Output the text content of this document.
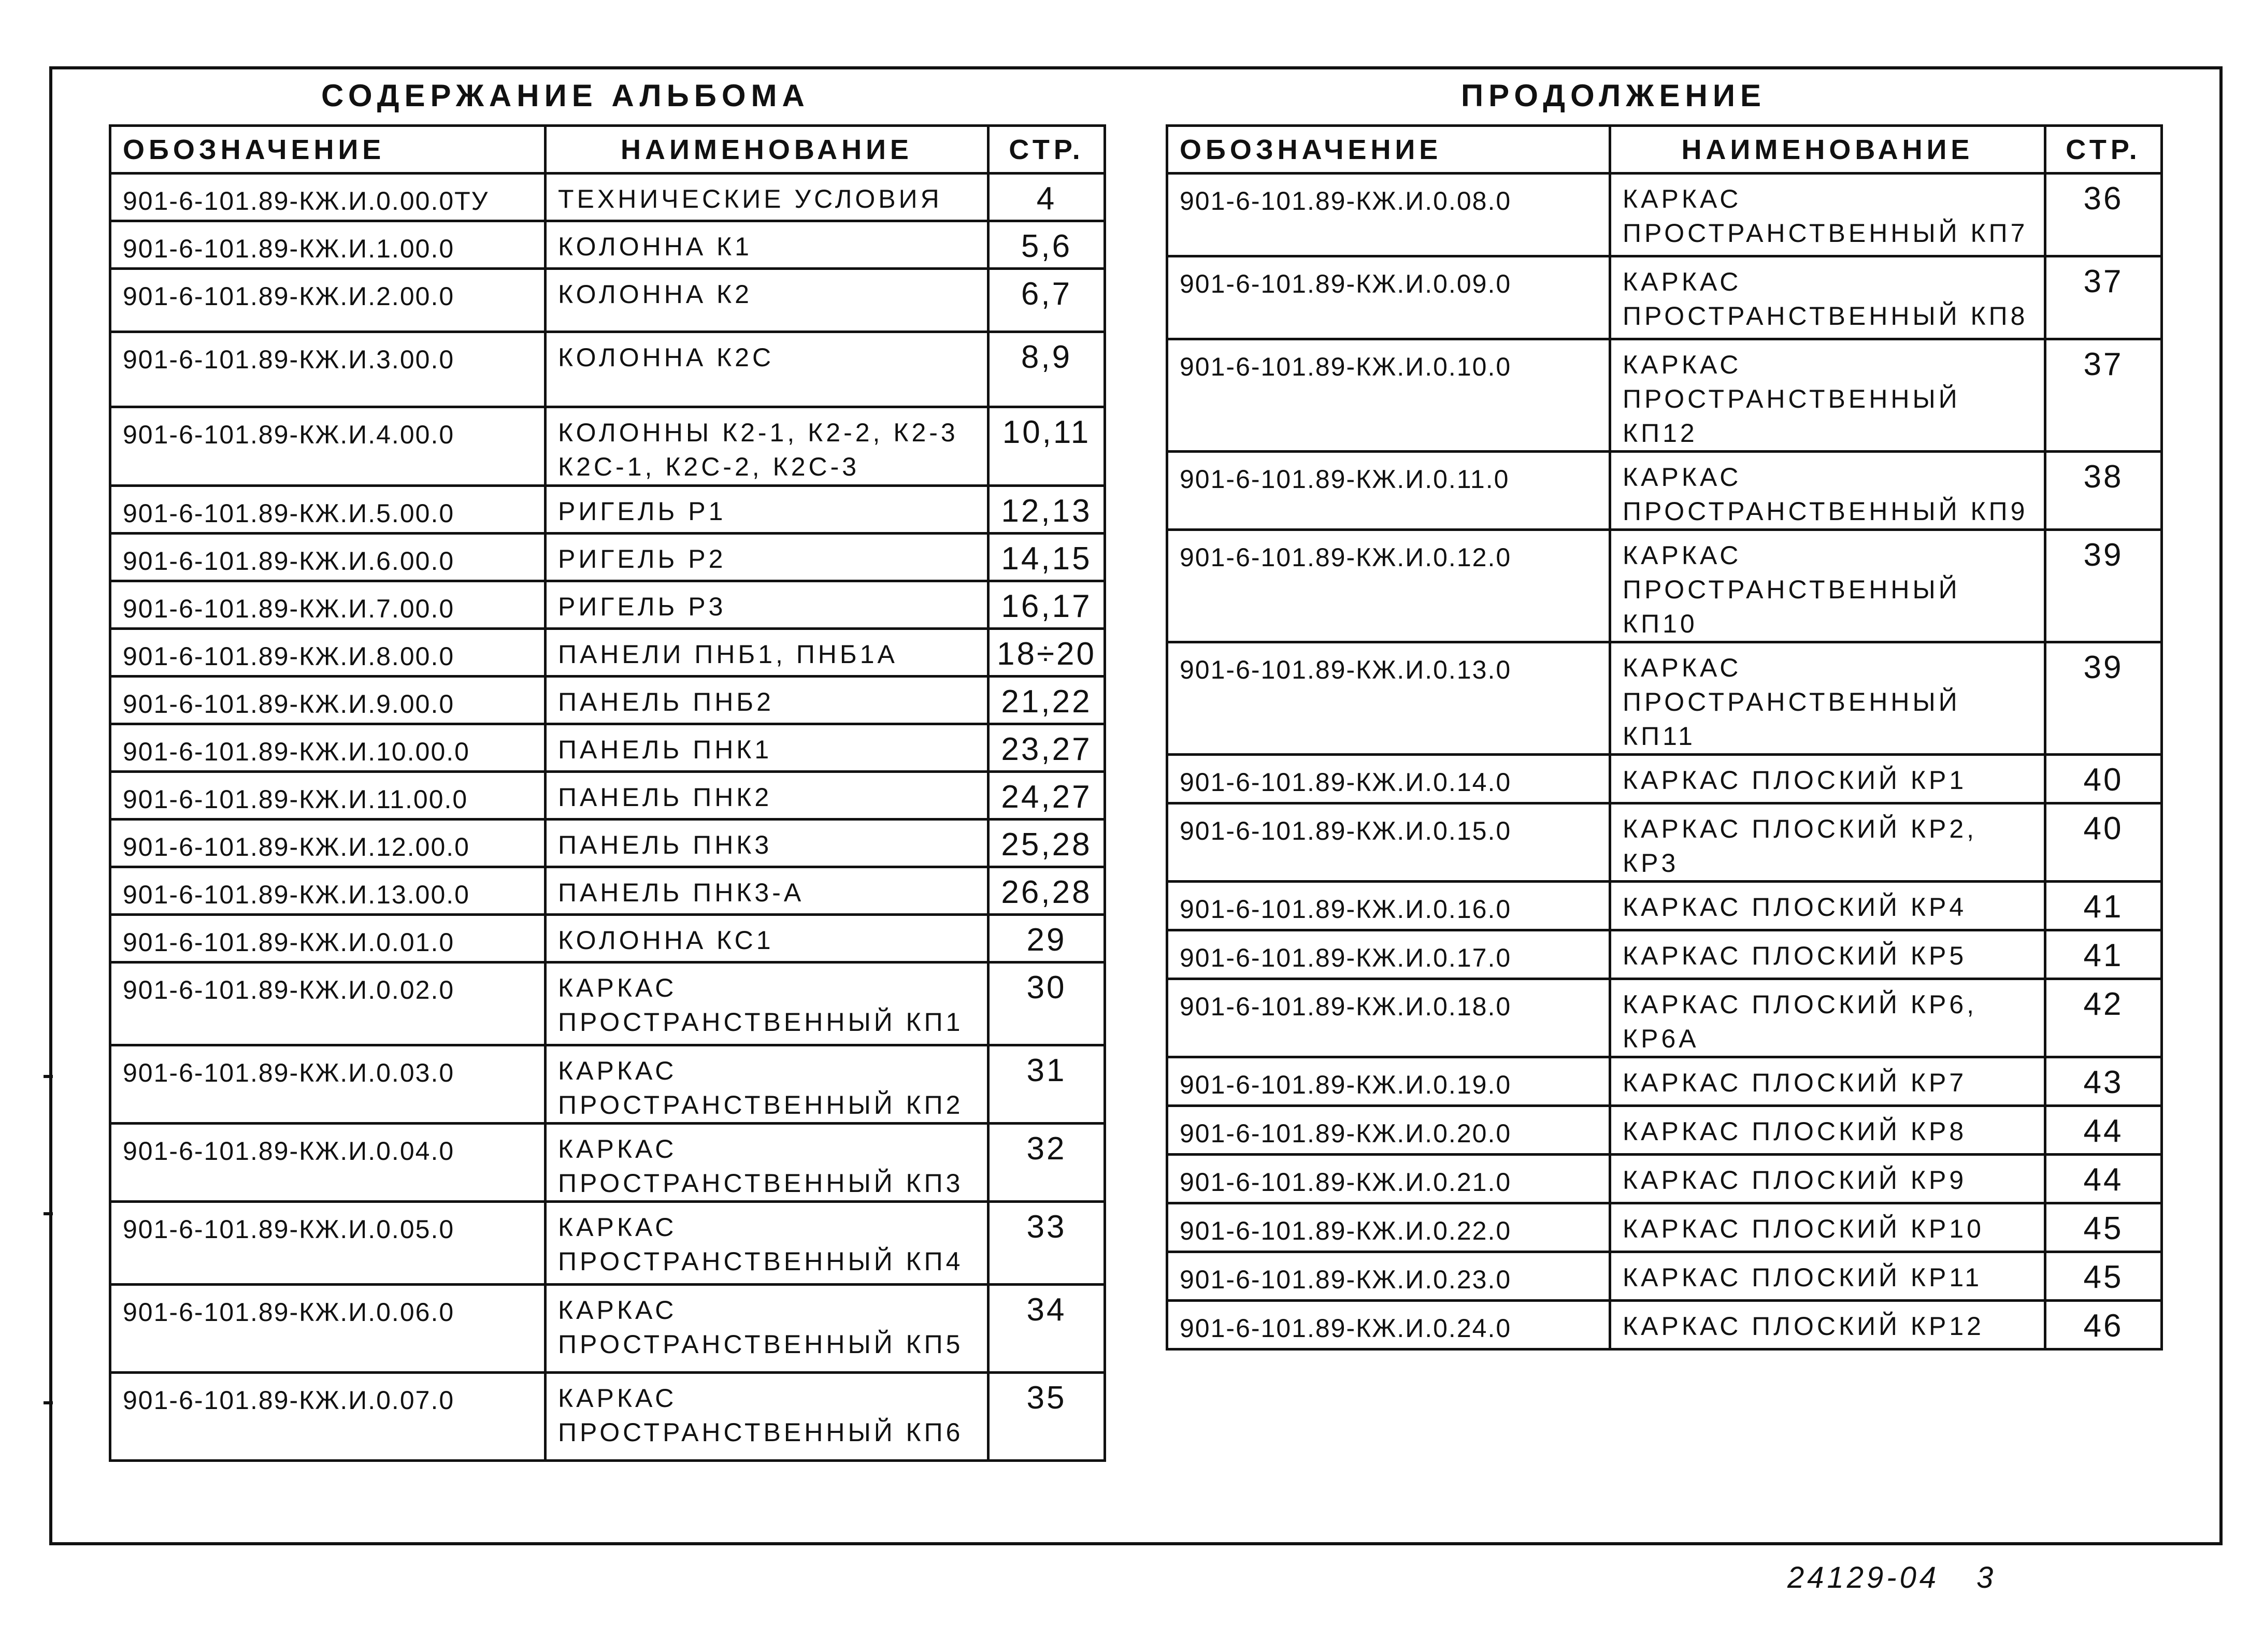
СОДЕРЖАНИЕ АЛЬБОМА
ОБОЗНАЧЕНИЕ	НАИМЕНОВАНИЕ	СТР.
901-6-101.89-КЖ.И.0.00.0ТУ	ТЕХНИЧЕСКИЕ УСЛОВИЯ	4
901-6-101.89-КЖ.И.1.00.0	КОЛОННА К1	5,6
901-6-101.89-КЖ.И.2.00.0	КОЛОННА К2	6,7
901-6-101.89-КЖ.И.3.00.0	КОЛОННА К2С	8,9
901-6-101.89-КЖ.И.4.00.0	КОЛОННЫ К2-1, К2-2, К2-3 К2С-1, К2С-2, К2С-3	10,11
901-6-101.89-КЖ.И.5.00.0	РИГЕЛЬ Р1	12,13
901-6-101.89-КЖ.И.6.00.0	РИГЕЛЬ Р2	14,15
901-6-101.89-КЖ.И.7.00.0	РИГЕЛЬ Р3	16,17
901-6-101.89-КЖ.И.8.00.0	ПАНЕЛИ ПНБ1, ПНБ1А	18÷20
901-6-101.89-КЖ.И.9.00.0	ПАНЕЛЬ ПНБ2	21,22
901-6-101.89-КЖ.И.10.00.0	ПАНЕЛЬ ПНК1	23,27
901-6-101.89-КЖ.И.11.00.0	ПАНЕЛЬ ПНК2	24,27
901-6-101.89-КЖ.И.12.00.0	ПАНЕЛЬ ПНК3	25,28
901-6-101.89-КЖ.И.13.00.0	ПАНЕЛЬ ПНК3-А	26,28
901-6-101.89-КЖ.И.0.01.0	КОЛОННА КС1	29
901-6-101.89-КЖ.И.0.02.0	КАРКАС ПРОСТРАНСТВЕННЫЙ КП1	30
901-6-101.89-КЖ.И.0.03.0	КАРКАС ПРОСТРАНСТВЕННЫЙ КП2	31
901-6-101.89-КЖ.И.0.04.0	КАРКАС ПРОСТРАНСТВЕННЫЙ КП3	32
901-6-101.89-КЖ.И.0.05.0	КАРКАС ПРОСТРАНСТВЕННЫЙ КП4	33
901-6-101.89-КЖ.И.0.06.0	КАРКАС ПРОСТРАНСТВЕННЫЙ КП5	34
901-6-101.89-КЖ.И.0.07.0	КАРКАС ПРОСТРАНСТВЕННЫЙ КП6	35
ПРОДОЛЖЕНИЕ
ОБОЗНАЧЕНИЕ	НАИМЕНОВАНИЕ	СТР.
901-6-101.89-КЖ.И.0.08.0	КАРКАС ПРОСТРАНСТВЕННЫЙ КП7	36
901-6-101.89-КЖ.И.0.09.0	КАРКАС ПРОСТРАНСТВЕННЫЙ КП8	37
901-6-101.89-КЖ.И.0.10.0	КАРКАС ПРОСТРАНСТВЕННЫЙ КП12	37
901-6-101.89-КЖ.И.0.11.0	КАРКАС ПРОСТРАНСТВЕННЫЙ КП9	38
901-6-101.89-КЖ.И.0.12.0	КАРКАС ПРОСТРАНСТВЕННЫЙ КП10	39
901-6-101.89-КЖ.И.0.13.0	КАРКАС ПРОСТРАНСТВЕННЫЙ КП11	39
901-6-101.89-КЖ.И.0.14.0	КАРКАС ПЛОСКИЙ КР1	40
901-6-101.89-КЖ.И.0.15.0	КАРКАС ПЛОСКИЙ КР2, КР3	40
901-6-101.89-КЖ.И.0.16.0	КАРКАС ПЛОСКИЙ КР4	41
901-6-101.89-КЖ.И.0.17.0	КАРКАС ПЛОСКИЙ КР5	41
901-6-101.89-КЖ.И.0.18.0	КАРКАС ПЛОСКИЙ КР6, КР6А	42
901-6-101.89-КЖ.И.0.19.0	КАРКАС ПЛОСКИЙ КР7	43
901-6-101.89-КЖ.И.0.20.0	КАРКАС ПЛОСКИЙ КР8	44
901-6-101.89-КЖ.И.0.21.0	КАРКАС ПЛОСКИЙ КР9	44
901-6-101.89-КЖ.И.0.22.0	КАРКАС ПЛОСКИЙ КР10	45
901-6-101.89-КЖ.И.0.23.0	КАРКАС ПЛОСКИЙ КР11	45
901-6-101.89-КЖ.И.0.24.0	КАРКАС ПЛОСКИЙ КР12	46
24129-04 3
